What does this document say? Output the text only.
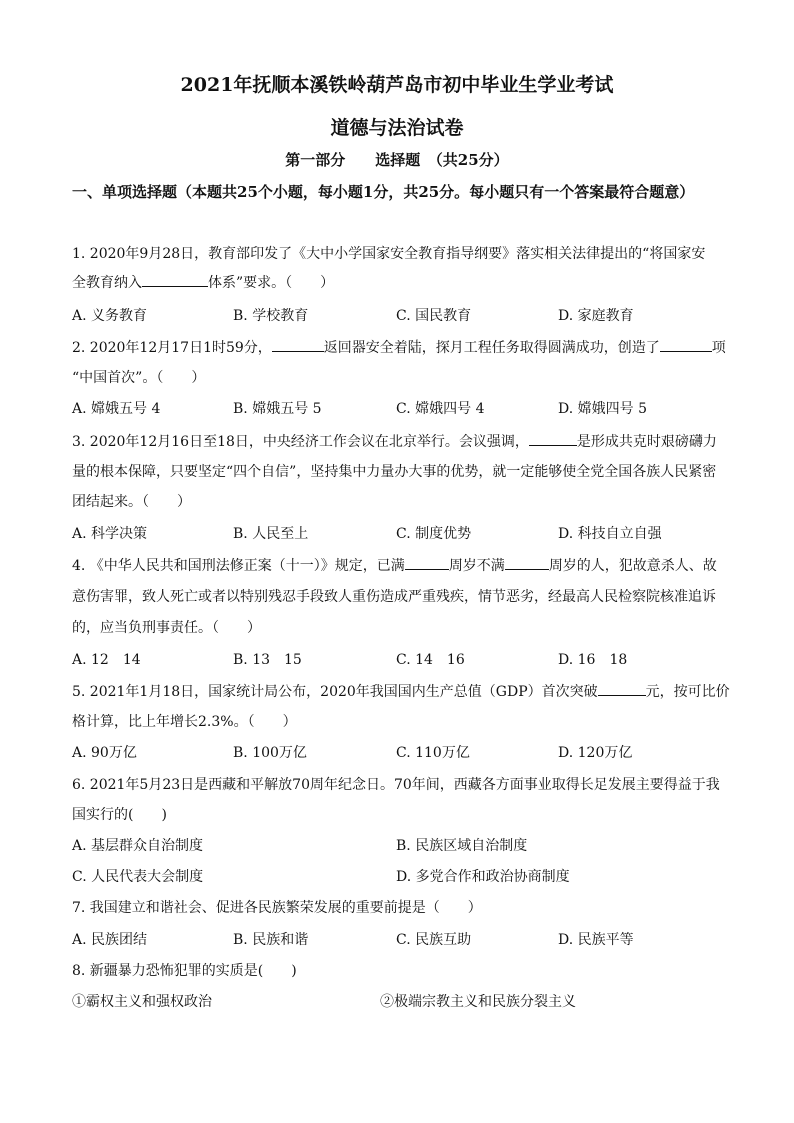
2021年抚顺本溪铁岭葫芦岛市初中毕业生学业考试
道德与法治试卷
第一部分　　选择题　（共25分）
一、单项选择题（本题共25个小题，每小题1分，共25分。每小题只有一个答案最符合题意）
1. 2020年9月28日，教育部印发了《大中小学国家安全教育指导纲要》落实相关法律提出的“将国家安
全教育纳入	体系”要求。（　　）
A. 义务教育	B. 学校教育	C. 国民教育	D. 家庭教育
2. 2020年12月17日1时59分，	返回器安全着陆，探月工程任务取得圆满成功，创造了	项
“中国首次”。（　　）
A. 嫦娥五号 4	B. 嫦娥五号 5	C. 嫦娥四号 4	D. 嫦娥四号 5
3. 2020年12月16日至18日，中央经济工作会议在北京举行。会议强调，	是形成共克时艰磅礴力
量的根本保障，只要坚定“四个自信”，坚持集中力量办大事的优势，就一定能够使全党全国各族人民紧密
团结起来。（　　）
A. 科学决策	B. 人民至上	C. 制度优势	D. 科技自立自强
4. 《中华人民共和国刑法修正案（十一）》规定，已满	周岁不满	周岁的人，犯故意杀人、故
意伤害罪，致人死亡或者以特别残忍手段致人重伤造成严重残疾，情节恶劣，经最高人民检察院核准追诉
的，应当负刑事责任。（　　）
A. 12　14	B. 13　15	C. 14　16	D. 16　18
5. 2021年1月18日，国家统计局公布，2020年我国国内生产总值（GDP）首次突破	元，按可比价
格计算，比上年增长2.3%。（　　）
A. 90万亿	B. 100万亿	C. 110万亿	D. 120万亿
6. 2021年5月23日是西藏和平解放70周年纪念日。70年间，西藏各方面事业取得长足发展主要得益于我
国实行的(　　)
A. 基层群众自治制度	B. 民族区域自治制度
C. 人民代表大会制度	D. 多党合作和政治协商制度
7. 我国建立和谐社会、促进各民族繁荣发展的重要前提是（　　）
A. 民族团结	B. 民族和谐	C. 民族互助	D. 民族平等
8. 新疆暴力恐怖犯罪的实质是(　　)
①霸权主义和强权政治	②极端宗教主义和民族分裂主义
